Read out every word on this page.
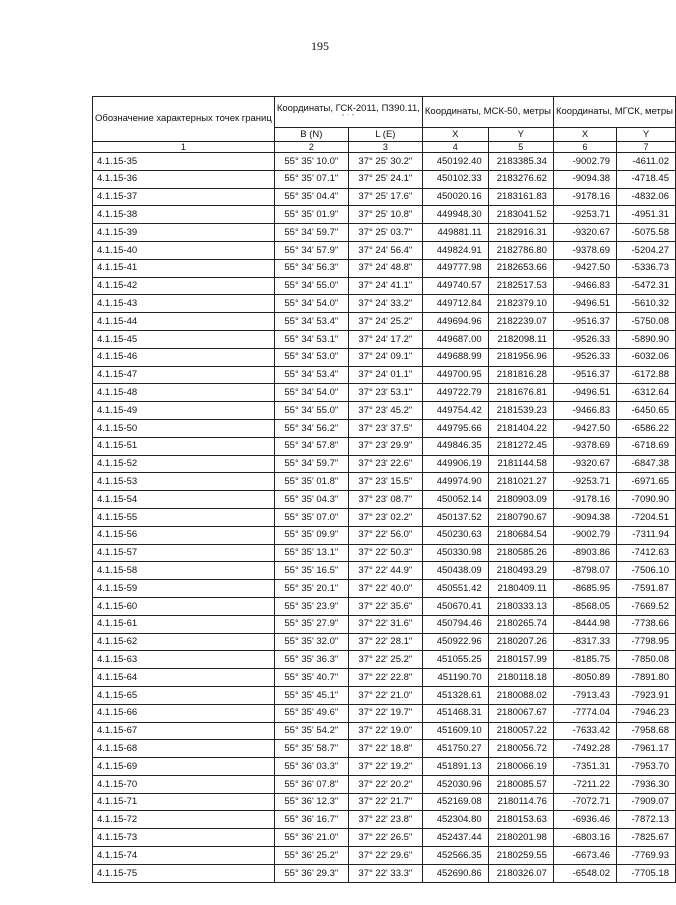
195
Обозначение характерных точек границ	Координаты, ГСК-2011, ПЗ90.11,
° ' "		Координаты, МСК-50, метры		Координаты, МГСК, метры	
	B (N)	L (E)	X	Y	X	Y
1	2	3	4	5	6	7
4.1.15-35	55° 35' 10.0"	37° 25' 30.2"	450192.40	2183385.34	-9002.79	-4611.02
4.1.15-36	55° 35' 07.1"	37° 25' 24.1"	450102.33	2183276.62	-9094.38	-4718.45
4.1.15-37	55° 35' 04.4"	37° 25' 17.6"	450020.16	2183161.83	-9178.16	-4832.06
4.1.15-38	55° 35' 01.9"	37° 25' 10.8"	449948.30	2183041.52	-9253.71	-4951.31
4.1.15-39	55° 34' 59.7"	37° 25' 03.7"	449881.11	2182916.31	-9320.67	-5075.58
4.1.15-40	55° 34' 57.9"	37° 24' 56.4"	449824.91	2182786.80	-9378.69	-5204.27
4.1.15-41	55° 34' 56.3"	37° 24' 48.8"	449777.98	2182653.66	-9427.50	-5336.73
4.1.15-42	55° 34' 55.0"	37° 24' 41.1"	449740.57	2182517.53	-9466.83	-5472.31
4.1.15-43	55° 34' 54.0"	37° 24' 33.2"	449712.84	2182379.10	-9496.51	-5610.32
4.1.15-44	55° 34' 53.4"	37° 24' 25.2"	449694.96	2182239.07	-9516.37	-5750.08
4.1.15-45	55° 34' 53.1"	37° 24' 17.2"	449687.00	2182098.11	-9526.33	-5890.90
4.1.15-46	55° 34' 53.0"	37° 24' 09.1"	449688.99	2181956.96	-9526.33	-6032.06
4.1.15-47	55° 34' 53.4"	37° 24' 01.1"	449700.95	2181816.28	-9516.37	-6172.88
4.1.15-48	55° 34' 54.0"	37° 23' 53.1"	449722.79	2181676.81	-9496.51	-6312.64
4.1.15-49	55° 34' 55.0"	37° 23' 45.2"	449754.42	2181539.23	-9466.83	-6450.65
4.1.15-50	55° 34' 56.2"	37° 23' 37.5"	449795.66	2181404.22	-9427.50	-6586.22
4.1.15-51	55° 34' 57.8"	37° 23' 29.9"	449846.35	2181272.45	-9378.69	-6718.69
4.1.15-52	55° 34' 59.7"	37° 23' 22.6"	449906.19	2181144.58	-9320.67	-6847.38
4.1.15-53	55° 35' 01.8"	37° 23' 15.5"	449974.90	2181021.27	-9253.71	-6971.65
4.1.15-54	55° 35' 04.3"	37° 23' 08.7"	450052.14	2180903.09	-9178.16	-7090.90
4.1.15-55	55° 35' 07.0"	37° 23' 02.2"	450137.52	2180790.67	-9094.38	-7204.51
4.1.15-56	55° 35' 09.9"	37° 22' 56.0"	450230.63	2180684.54	-9002.79	-7311.94
4.1.15-57	55° 35' 13.1"	37° 22' 50.3"	450330.98	2180585.26	-8903.86	-7412.63
4.1.15-58	55° 35' 16.5"	37° 22' 44.9"	450438.09	2180493.29	-8798.07	-7506.10
4.1.15-59	55° 35' 20.1"	37° 22' 40.0"	450551.42	2180409.11	-8685.95	-7591.87
4.1.15-60	55° 35' 23.9"	37° 22' 35.6"	450670.41	2180333.13	-8568.05	-7669.52
4.1.15-61	55° 35' 27.9"	37° 22' 31.6"	450794.46	2180265.74	-8444.98	-7738.66
4.1.15-62	55° 35' 32.0"	37° 22' 28.1"	450922.96	2180207.26	-8317.33	-7798.95
4.1.15-63	55° 35' 36.3"	37° 22' 25.2"	451055.25	2180157.99	-8185.75	-7850.08
4.1.15-64	55° 35' 40.7"	37° 22' 22.8"	451190.70	2180118.18	-8050.89	-7891.80
4.1.15-65	55° 35' 45.1"	37° 22' 21.0"	451328.61	2180088.02	-7913.43	-7923.91
4.1.15-66	55° 35' 49.6"	37° 22' 19.7"	451468.31	2180067.67	-7774.04	-7946.23
4.1.15-67	55° 35' 54.2"	37° 22' 19.0"	451609.10	2180057.22	-7633.42	-7958.68
4.1.15-68	55° 35' 58.7"	37° 22' 18.8"	451750.27	2180056.72	-7492.28	-7961.17
4.1.15-69	55° 36' 03.3"	37° 22' 19.2"	451891.13	2180066.19	-7351.31	-7953.70
4.1.15-70	55° 36' 07.8"	37° 22' 20.2"	452030.96	2180085.57	-7211.22	-7936.30
4.1.15-71	55° 36' 12.3"	37° 22' 21.7"	452169.08	2180114.76	-7072.71	-7909.07
4.1.15-72	55° 36' 16.7"	37° 22' 23.8"	452304.80	2180153.63	-6936.46	-7872.13
4.1.15-73	55° 36' 21.0"	37° 22' 26.5"	452437.44	2180201.98	-6803.16	-7825.67
4.1.15-74	55° 36' 25.2"	37° 22' 29.6"	452566.35	2180259.55	-6673.46	-7769.93
4.1.15-75	55° 36' 29.3"	37° 22' 33.3"	452690.86	2180326.07	-6548.02	-7705.18
